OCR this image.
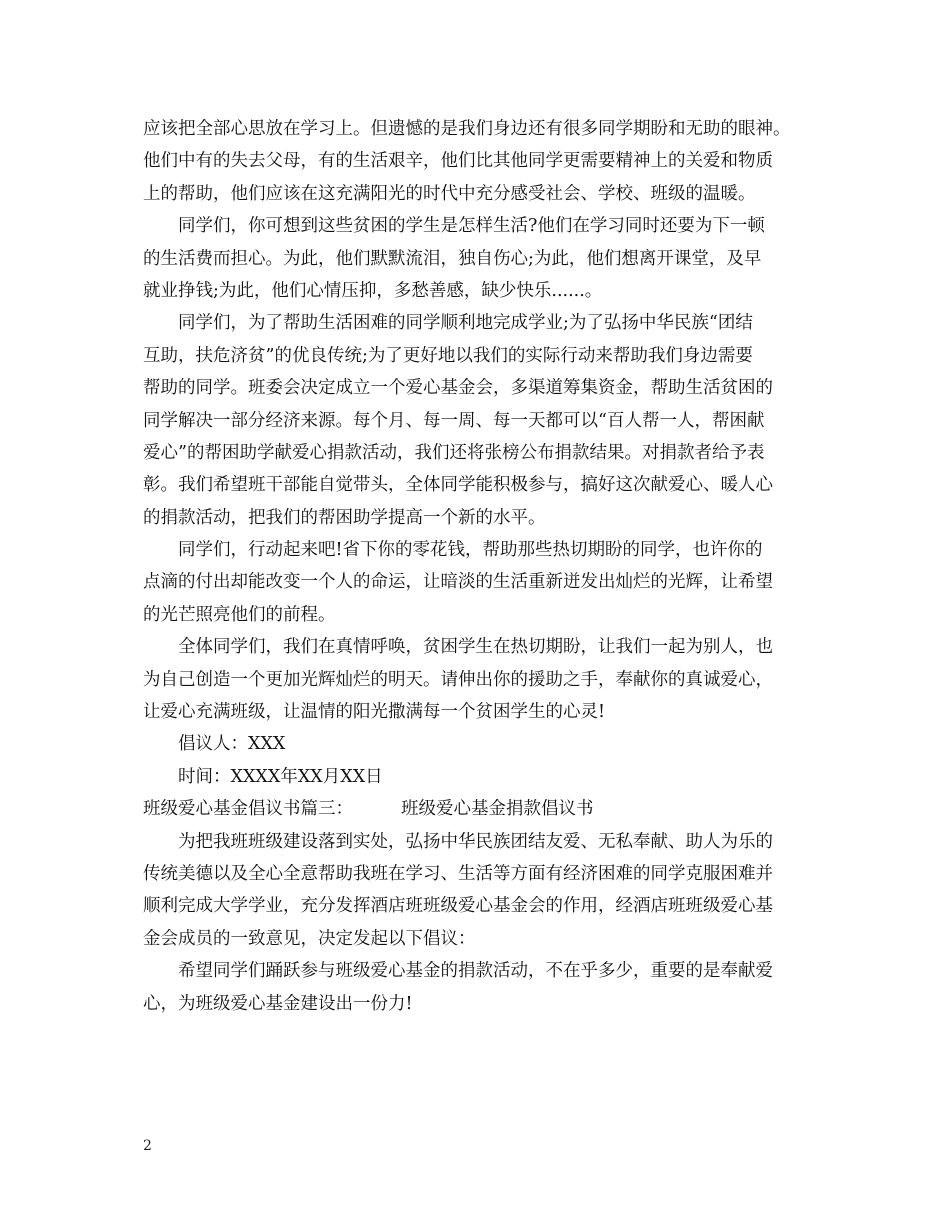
应该把全部心思放在学习上。但遗憾的是我们身边还有很多同学期盼和无助的眼神。
他们中有的失去父母，有的生活艰辛，他们比其他同学更需要精神上的关爱和物质
上的帮助，他们应该在这充满阳光的时代中充分感受社会、学校、班级的温暖。
同学们，你可想到这些贫困的学生是怎样生活?他们在学习同时还要为下一顿
的生活费而担心。为此，他们默默流泪，独自伤心;为此，他们想离开课堂，及早
就业挣钱;为此，他们心情压抑，多愁善感，缺少快乐......。
同学们，为了帮助生活困难的同学顺利地完成学业;为了弘扬中华民族“团结
互助，扶危济贫”的优良传统;为了更好地以我们的实际行动来帮助我们身边需要
帮助的同学。班委会决定成立一个爱心基金会，多渠道筹集资金，帮助生活贫困的
同学解决一部分经济来源。每个月、每一周、每一天都可以“百人帮一人，帮困献
爱心”的帮困助学献爱心捐款活动，我们还将张榜公布捐款结果。对捐款者给予表
彰。我们希望班干部能自觉带头，全体同学能积极参与，搞好这次献爱心、暖人心
的捐款活动，把我们的帮困助学提高一个新的水平。
同学们，行动起来吧!省下你的零花钱，帮助那些热切期盼的同学，也许你的
点滴的付出却能改变一个人的命运，让暗淡的生活重新迸发出灿烂的光辉，让希望
的光芒照亮他们的前程。
全体同学们，我们在真情呼唤，贫困学生在热切期盼，让我们一起为别人，也
为自己创造一个更加光辉灿烂的明天。请伸出你的援助之手，奉献你的真诚爱心，
让爱心充满班级，让温情的阳光撒满每一个贫困学生的心灵!
倡议人：XXX
时间：XXXX年XX月XX日
班级爱心基金倡议书篇三：	班级爱心基金捐款倡议书
为把我班班级建设落到实处，弘扬中华民族团结友爱、无私奉献、助人为乐的
传统美德以及全心全意帮助我班在学习、生活等方面有经济困难的同学克服困难并
顺利完成大学学业，充分发挥酒店班班级爱心基金会的作用，经酒店班班级爱心基
金会成员的一致意见，决定发起以下倡议：
希望同学们踊跃参与班级爱心基金的捐款活动，不在乎多少，重要的是奉献爱
心，为班级爱心基金建设出一份力!
2
